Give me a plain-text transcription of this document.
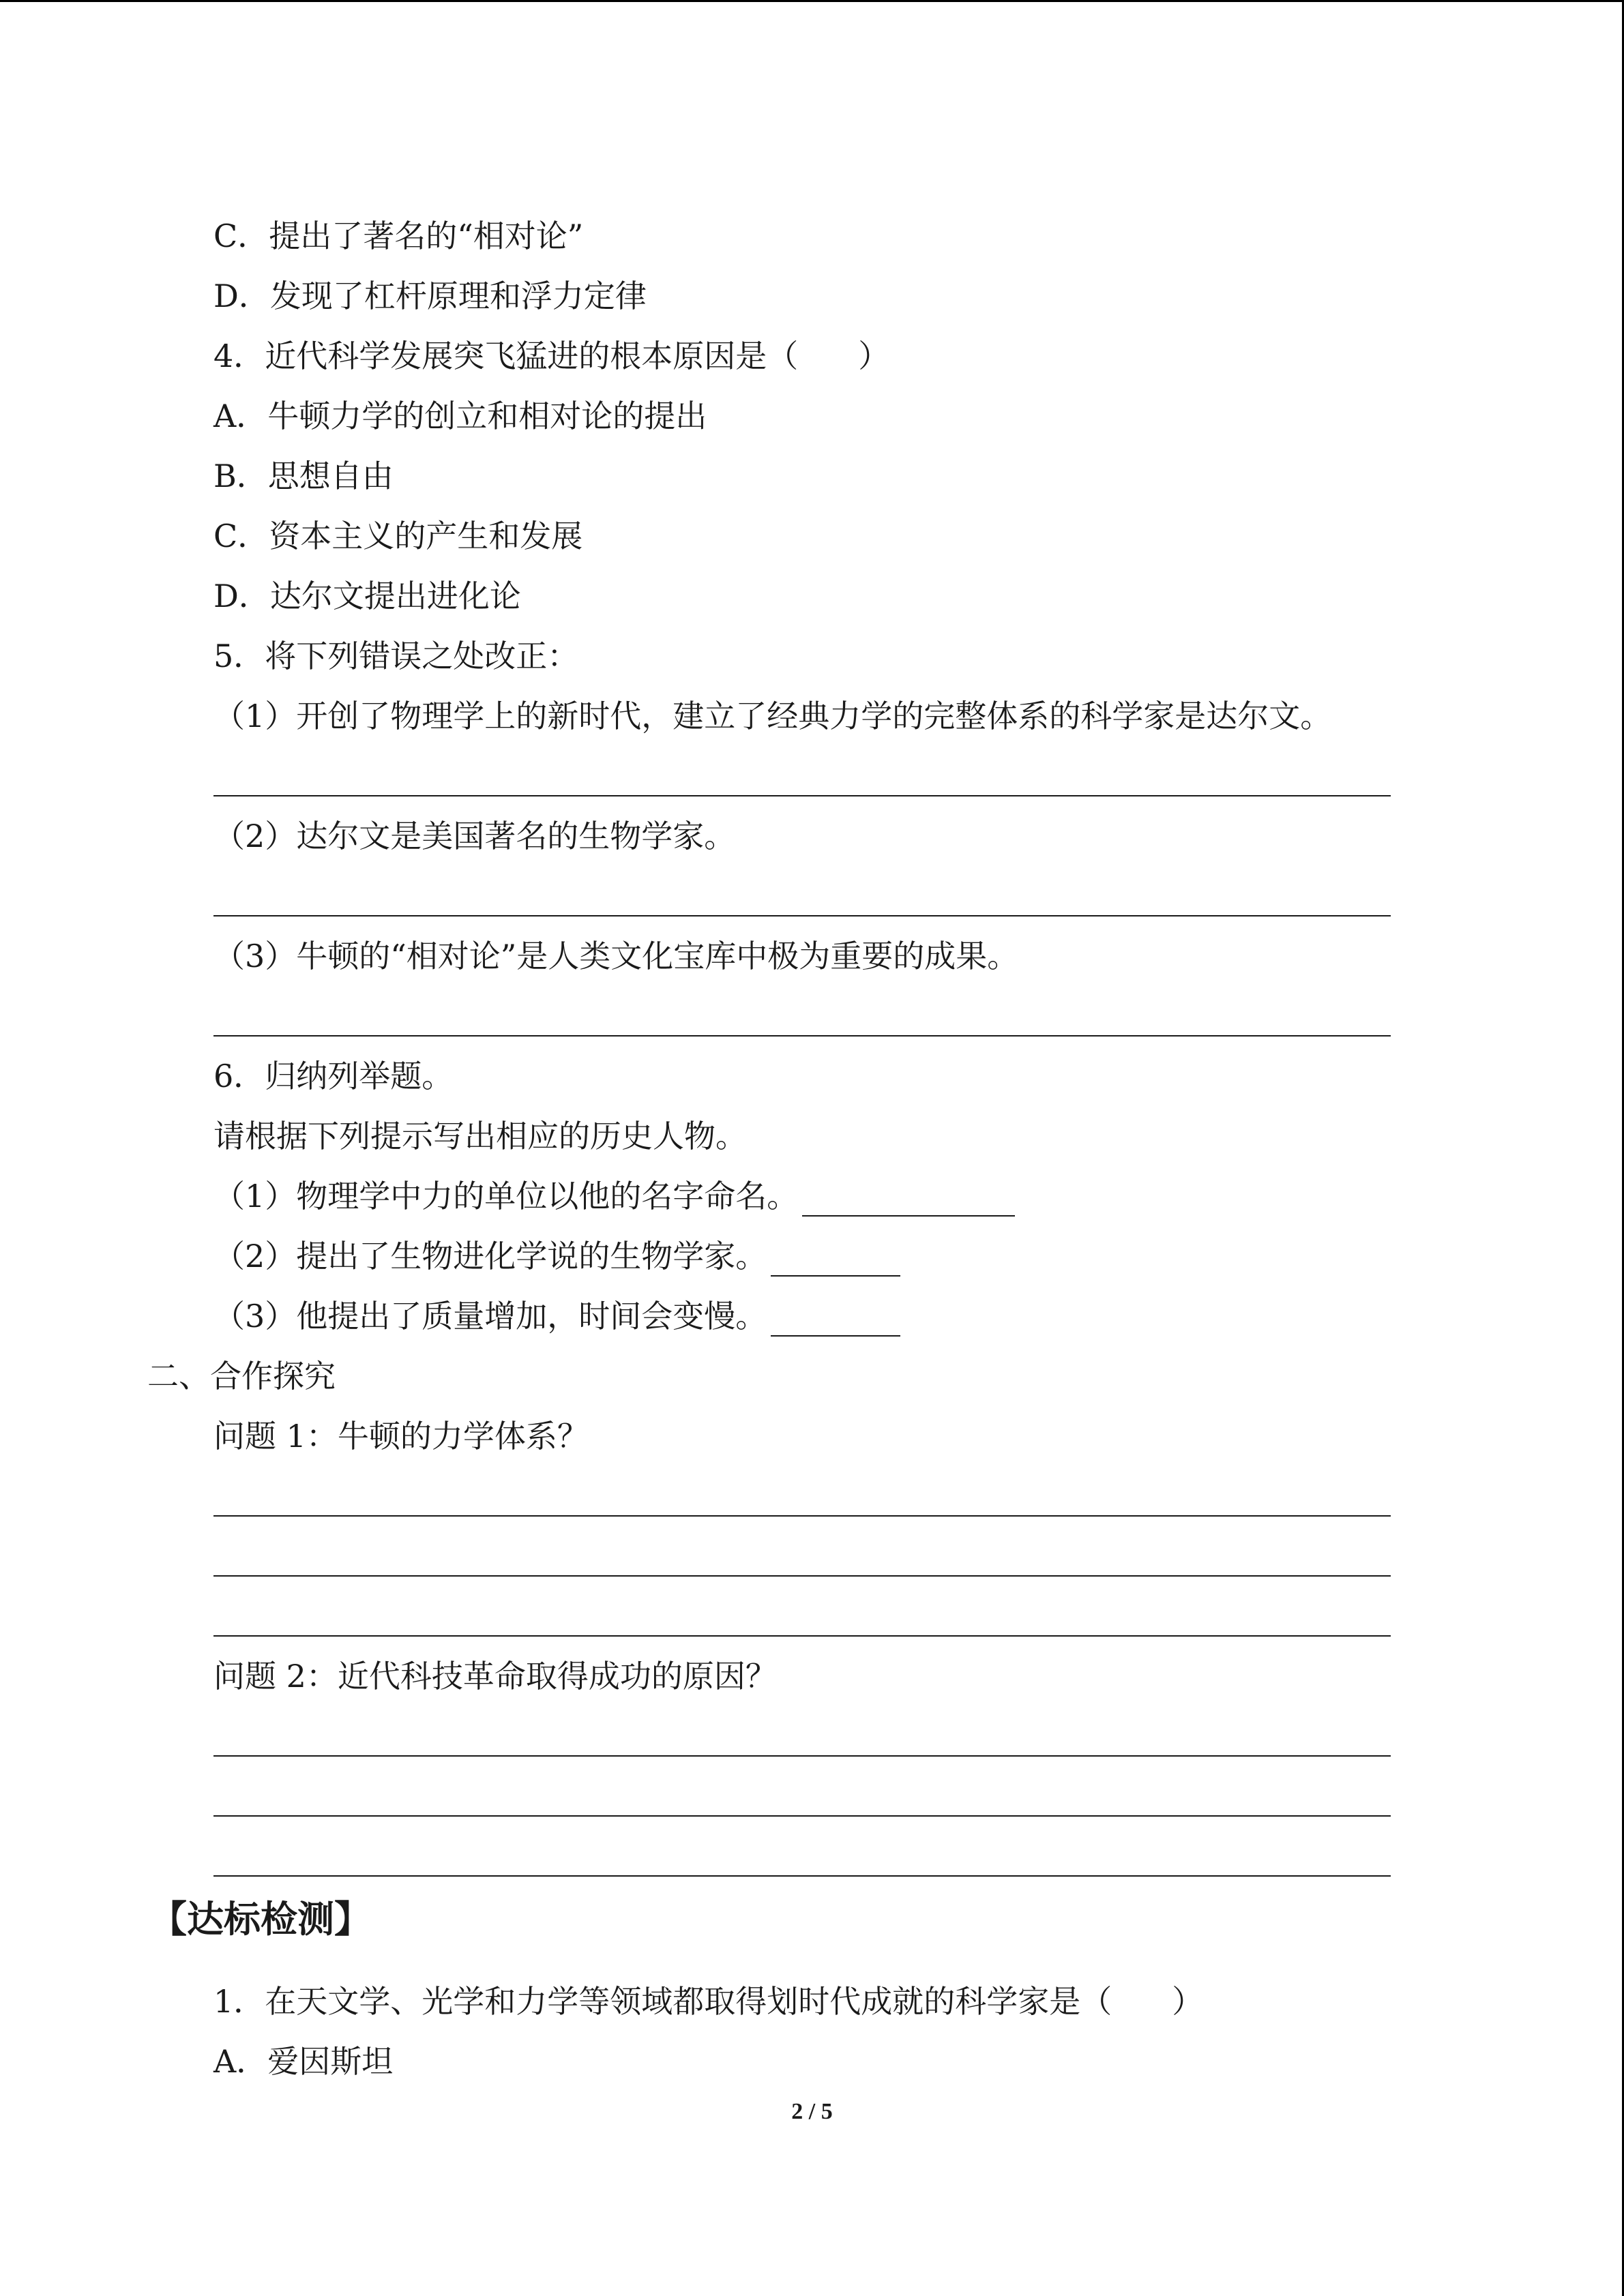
C．提出了著名的“相对论”
D．发现了杠杆原理和浮力定律
4．近代科学发展突飞猛进的根本原因是（ ）
A．牛顿力学的创立和相对论的提出
B．思想自由
C．资本主义的产生和发展
D．达尔文提出进化论
5．将下列错误之处改正：
（1）开创了物理学上的新时代，建立了经典力学的完整体系的科学家是达尔文。
（2）达尔文是美国著名的生物学家。
（3）牛顿的“相对论”是人类文化宝库中极为重要的成果。
6．归纳列举题。
请根据下列提示写出相应的历史人物。
（1）物理学中力的单位以他的名字命名。
（2）提出了生物进化学说的生物学家。
（3）他提出了质量增加，时间会变慢。
二、合作探究
问题 1：牛顿的力学体系？
问题 2：近代科技革命取得成功的原因？
【达标检测】
1．在天文学、光学和力学等领域都取得划时代成就的科学家是（ ）
A．爱因斯坦
2 / 5
